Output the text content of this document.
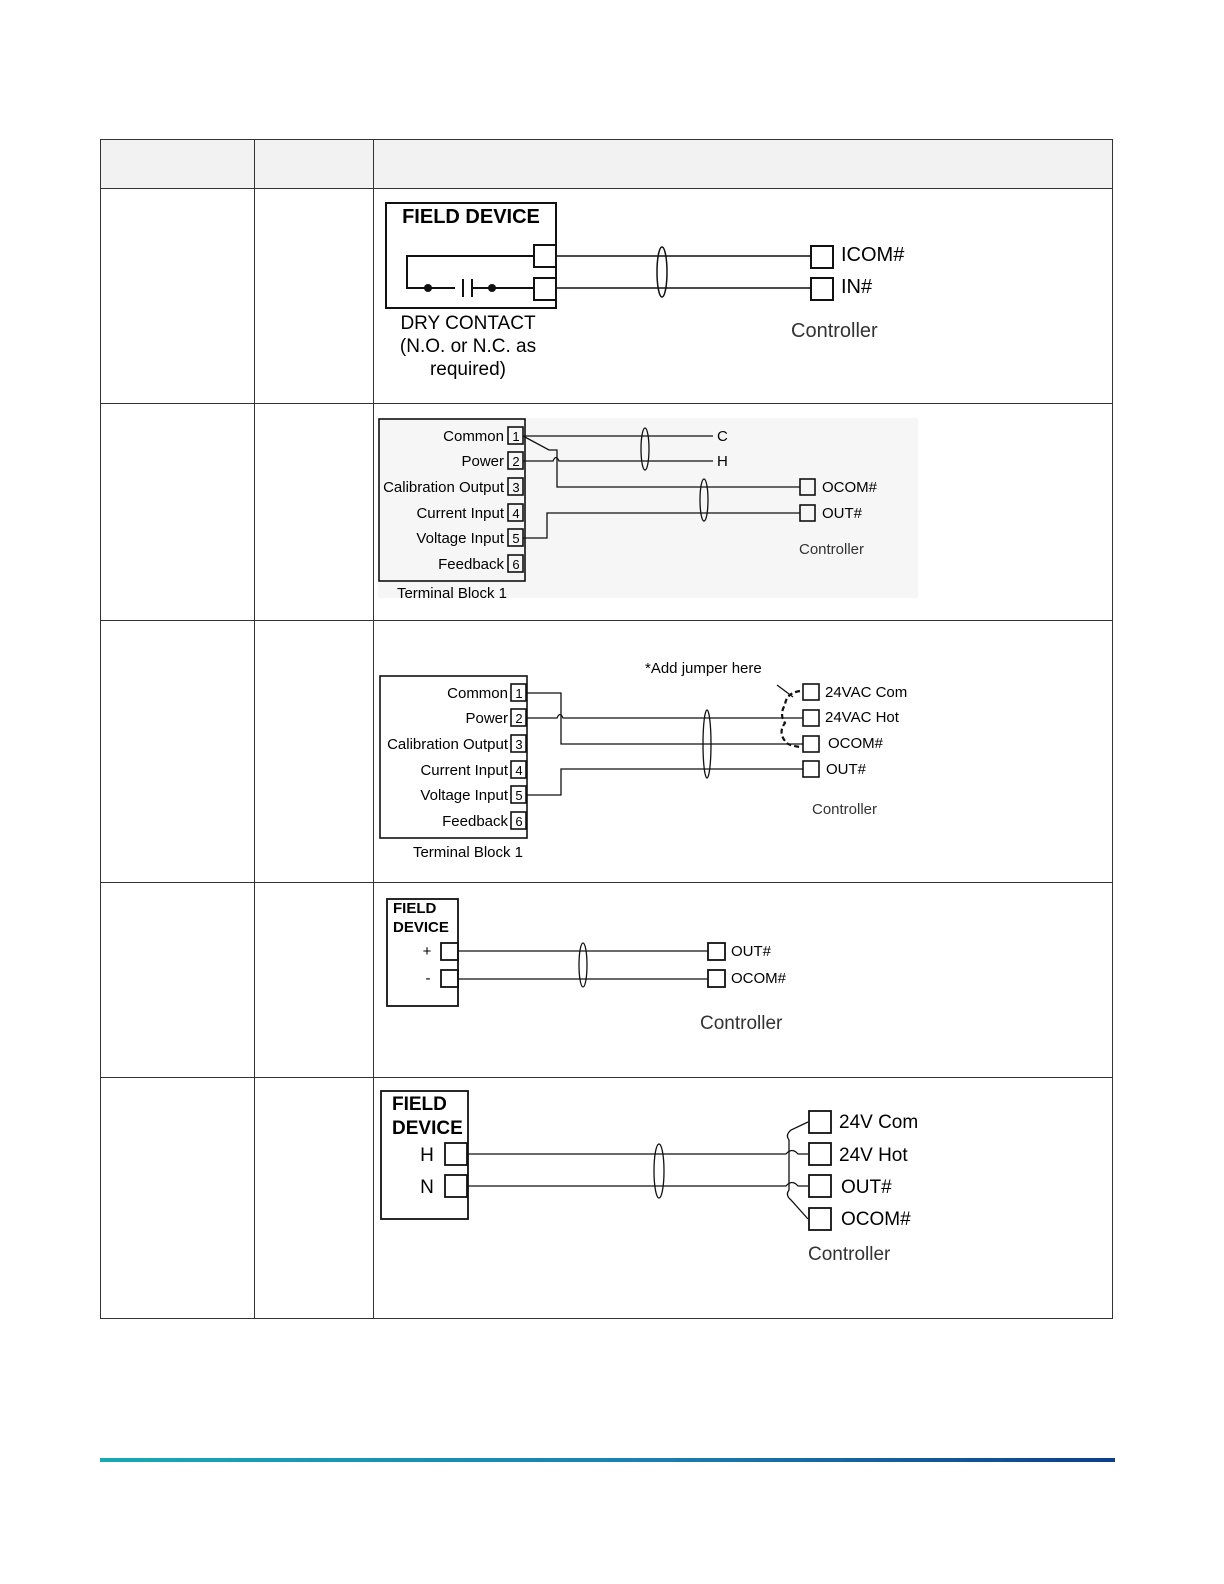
FIELD DEVICE
ICOM#
IN#
DRY CONTACT
(N.O. or N.C. as
required)
Controller
Common
Power
Calibration Output
Current Input
Voltage Input
Feedback
1
2
3
4
5
6
Terminal Block 1
C
H
OCOM#
OUT#
Controller
*Add jumper here
Common
Power
Calibration Output
Current Input
Voltage Input
Feedback
1
2
3
4
5
6
Terminal Block 1
24VAC Com
24VAC Hot
OCOM#
OUT#
Controller
FIELD
DEVICE
+
-
OUT#
OCOM#
Controller
FIELD
DEVICE
H
N
24V Com
24V Hot
OUT#
OCOM#
Controller
